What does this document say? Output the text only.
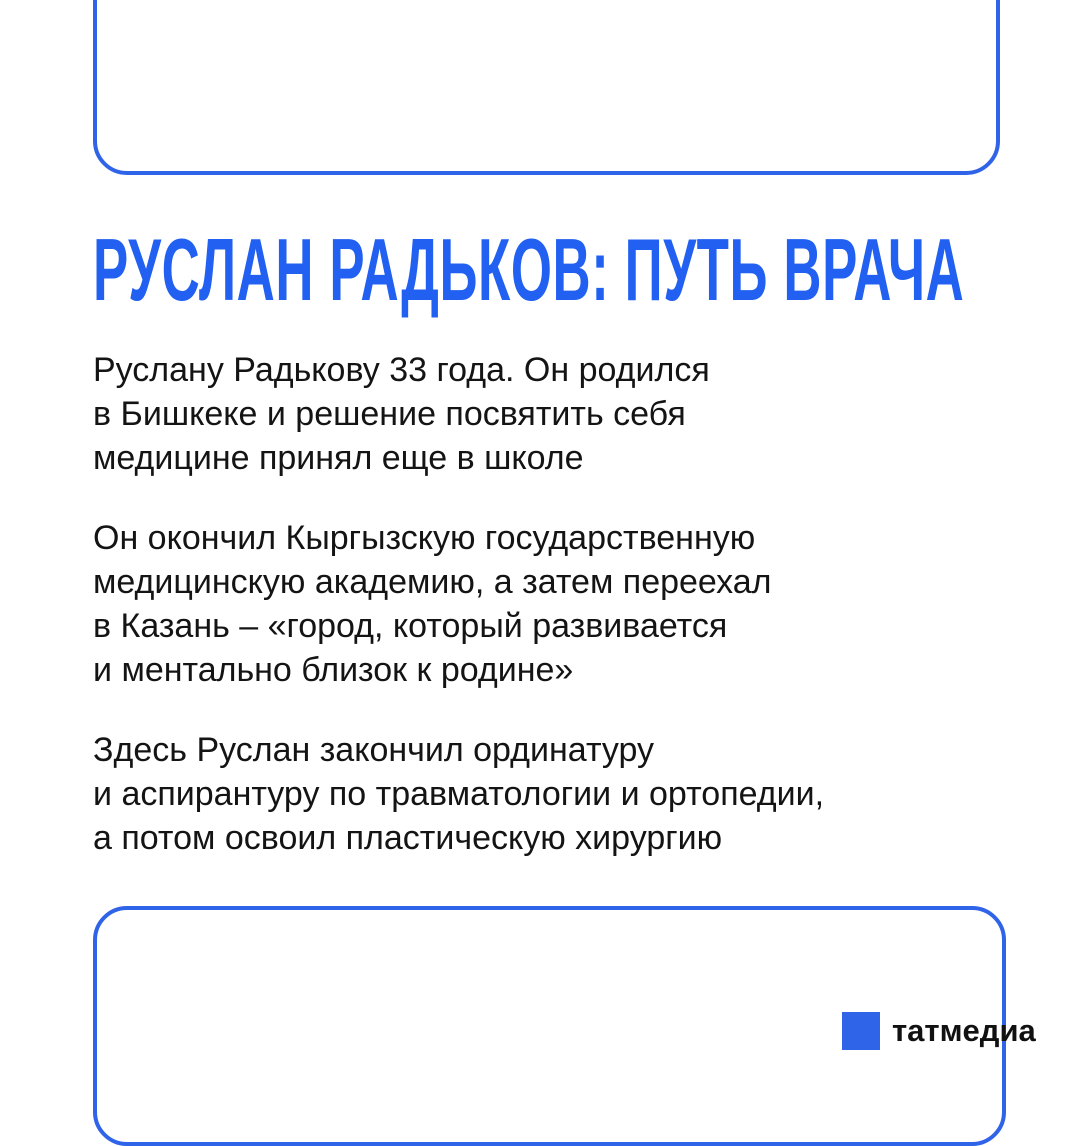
РУСЛАН РАДЬКОВ: ПУТЬ ВРАЧА
Руслану Радькову 33 года. Он родился
в Бишкеке и решение посвятить себя
медицине принял еще в школе
Он окончил Кыргызскую государственную
медицинскую академию, а затем переехал
в Казань – «город, который развивается
и ментально близок к родине»
Здесь Руслан закончил ординатуру
и аспирантуру по травматологии и ортопедии,
а потом освоил пластическую хирургию
татмедиа
